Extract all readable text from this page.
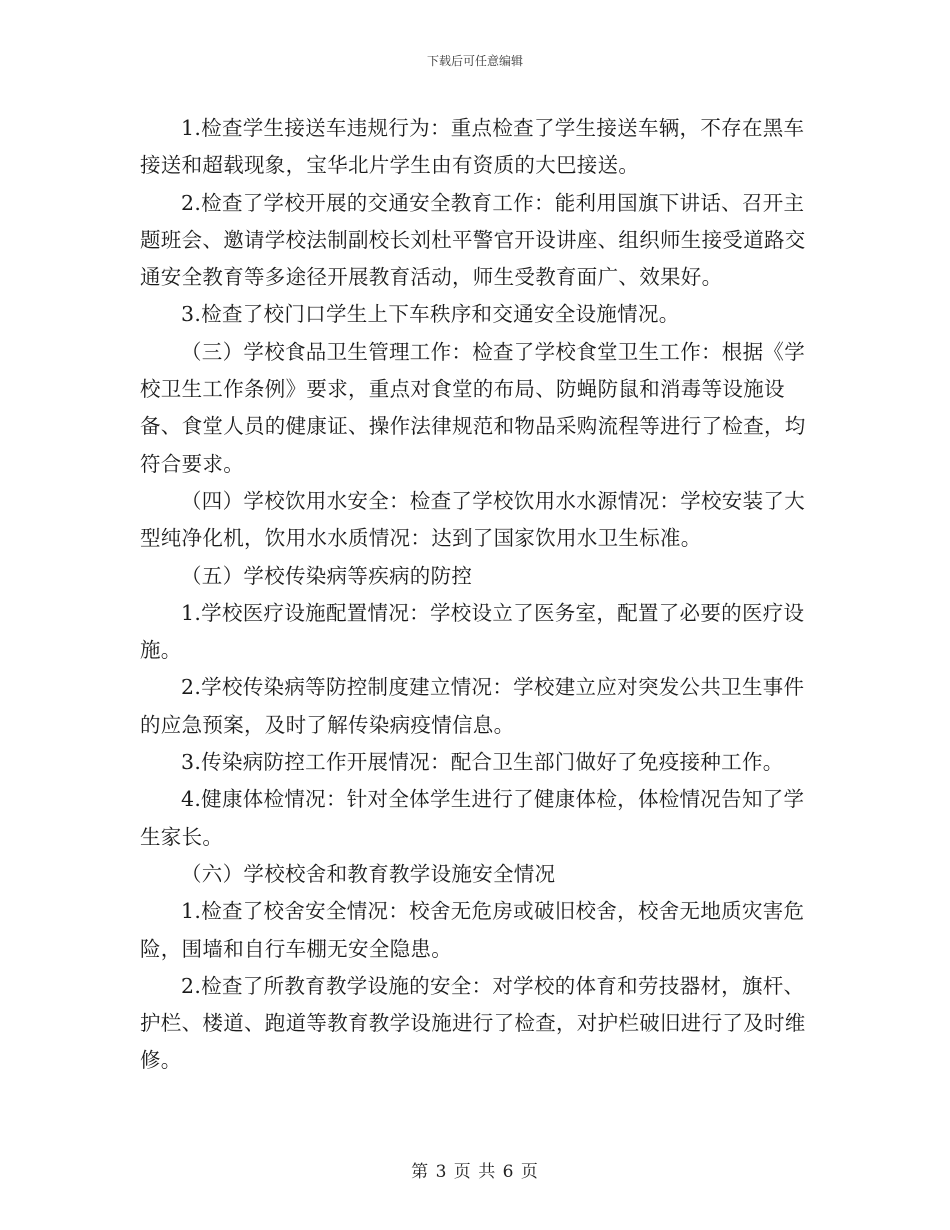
下载后可任意编辑

1.检查学生接送车违规行为：重点检查了学生接送车辆，不存在黑车接送和超载现象，宝华北片学生由有资质的大巴接送。

2.检查了学校开展的交通安全教育工作：能利用国旗下讲话、召开主题班会、邀请学校法制副校长刘杜平警官开设讲座、组织师生接受道路交通安全教育等多途径开展教育活动，师生受教育面广、效果好。

3.检查了校门口学生上下车秩序和交通安全设施情况。

（三）学校食品卫生管理工作：检查了学校食堂卫生工作：根据《学校卫生工作条例》要求，重点对食堂的布局、防蝇防鼠和消毒等设施设备、食堂人员的健康证、操作法律规范和物品采购流程等进行了检查，均符合要求。

（四）学校饮用水安全：检查了学校饮用水水源情况：学校安装了大型纯净化机，饮用水水质情况：达到了国家饮用水卫生标准。

（五）学校传染病等疾病的防控

1.学校医疗设施配置情况：学校设立了医务室，配置了必要的医疗设施。

2.学校传染病等防控制度建立情况：学校建立应对突发公共卫生事件的应急预案，及时了解传染病疫情信息。

3.传染病防控工作开展情况：配合卫生部门做好了免疫接种工作。

4.健康体检情况：针对全体学生进行了健康体检，体检情况告知了学生家长。

（六）学校校舍和教育教学设施安全情况

1.检查了校舍安全情况：校舍无危房或破旧校舍，校舍无地质灾害危险，围墙和自行车棚无安全隐患。

2.检查了所教育教学设施的安全：对学校的体育和劳技器材，旗杆、护栏、楼道、跑道等教育教学设施进行了检查，对护栏破旧进行了及时维修。

第 3 页 共 6 页
